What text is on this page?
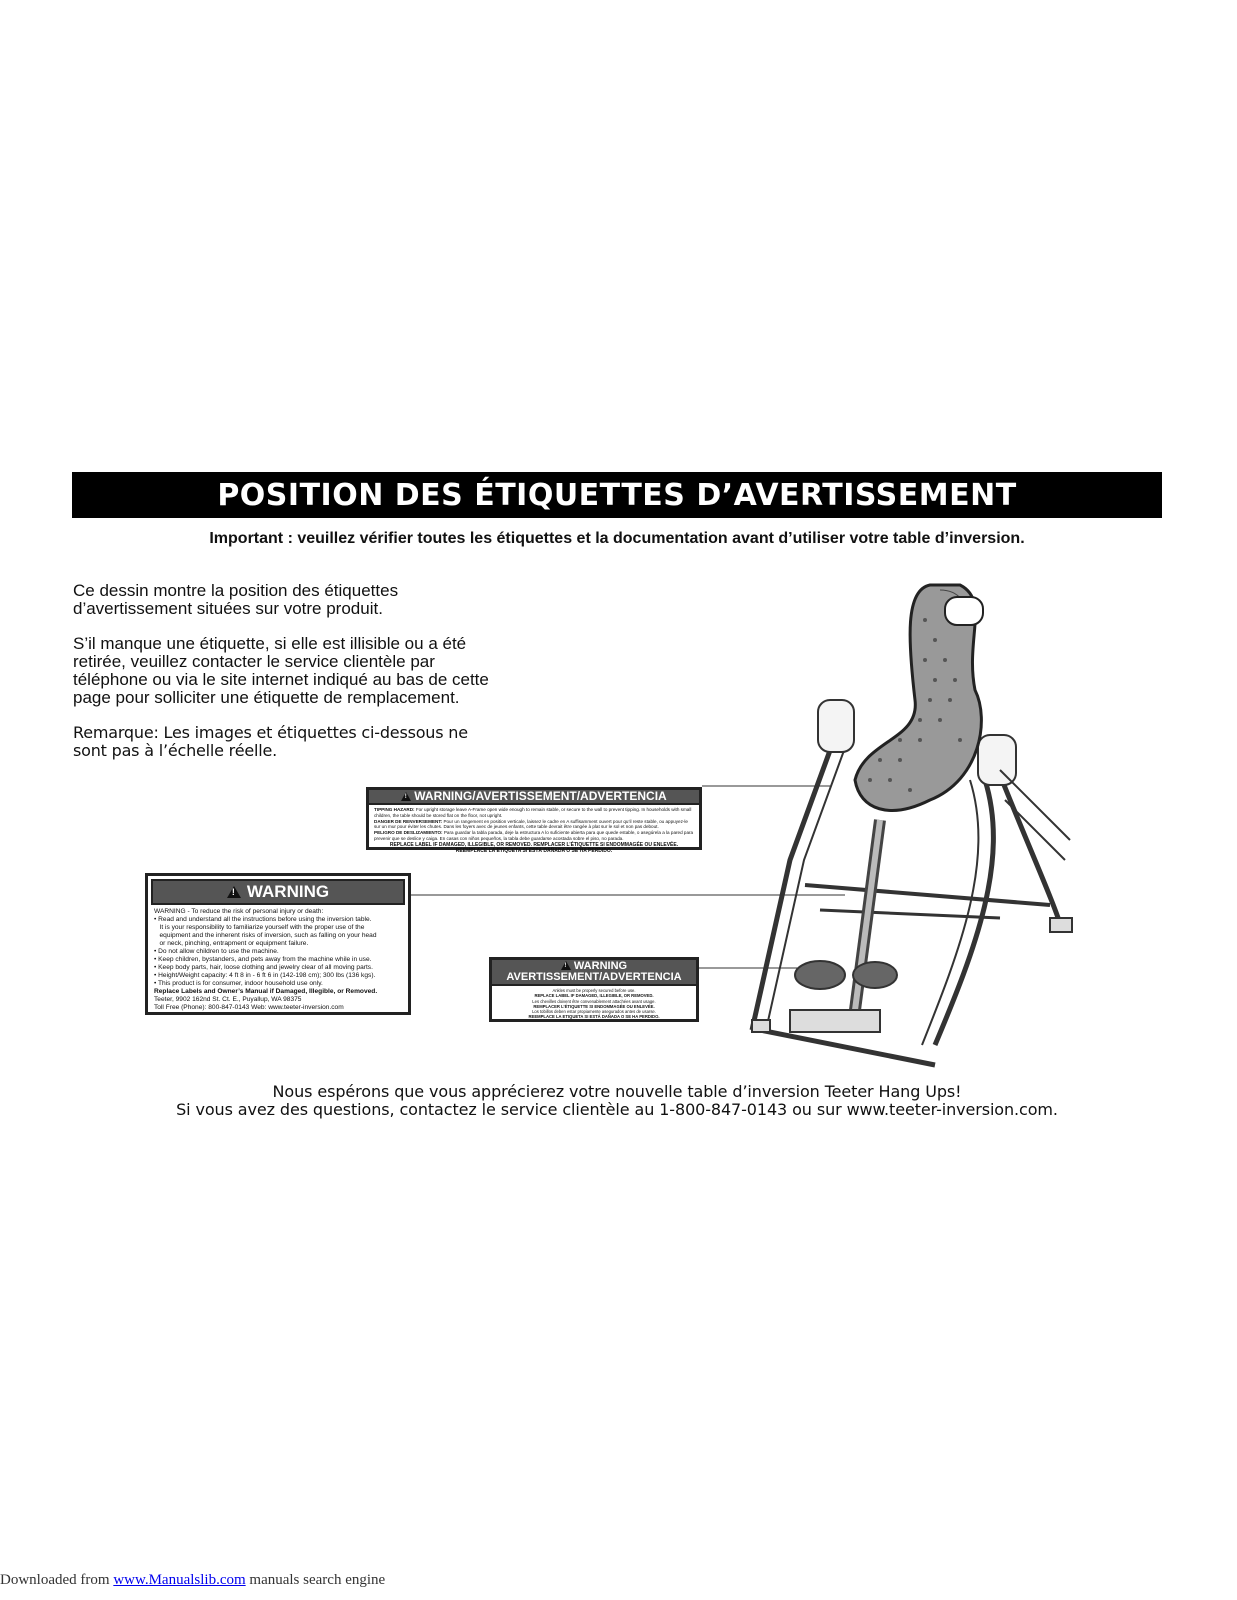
POSITION DES ÉTIQUETTES D’AVERTISSEMENT
Important : veuillez vérifier toutes les étiquettes et la documentation avant d’utiliser votre table d’inversion.

Ce dessin montre la position des étiquettes d’avertissement situées sur votre produit.

S’il manque une étiquette, si elle est illisible ou a été retirée, veuillez contacter le service clientèle par téléphone ou via le site internet indiqué au bas de cette page pour solliciter une étiquette de remplacement.

Remarque: Les images et étiquettes ci-dessous ne sont pas à l’échelle réelle.

!WARNING/AVERTISSEMENT/ADVERTENCIA
TIPPING HAZARD: For upright storage leave A-Frame open wide enough to remain stable, or secure to the wall to prevent tipping. In households with small children, the table should be stored flat on the floor, not upright.
DANGER DE RENVERSEMENT: Pour un rangement en position verticale, laissez le cadre en A suffisamment ouvert pour qu’il reste stable, ou appuyez-le sur un mur pour éviter les chutes. Dans les foyers avec de jeunes enfants, cette table devrait être rangée à plat sur le sol et non pas debout.
PELIGRO DE DESLIZAMIENTO: Para guardar la tabla parada, deje la estructura A lo suficiente abierta para que quede estable, o asegúrela a la pared para prevenir que se deslice y caiga. En casas con niños pequeños, la tabla debe guardarse acostada sobre el piso, no parada.
REPLACE LABEL IF DAMAGED, ILLEGIBLE, OR REMOVED. REMPLACER L’ÉTIQUETTE SI ENDOMMAGÉE OU ENLEVÉE.
REEMPLACE LA ETIQUETA SI ESTÁ DAÑADA O SE HA PERDIDO.
!WARNING
WARNING - To reduce the risk of personal injury or death:
• Read and understand all the instructions before using the inversion table.
It is your responsibility to familiarize yourself with the proper use of the
equipment and the inherent risks of inversion, such as falling on your head
or neck, pinching, entrapment or equipment failure.
• Do not allow children to use the machine.
• Keep children, bystanders, and pets away from the machine while in use.
• Keep body parts, hair, loose clothing and jewelry clear of all moving parts.
• Height/Weight capacity: 4 ft 8 in - 6 ft 6 in (142-198 cm); 300 lbs (136 kgs).
• This product is for consumer, indoor household use only.
Replace Labels and Owner’s Manual if Damaged, Illegible, or Removed.
Teeter, 9902 162nd St. Ct. E., Puyallup, WA 98375
Toll Free (Phone): 800-847-0143 Web: www.teeter-inversion.com
!WARNING
AVERTISSEMENT/ADVERTENCIA
Ankles must be properly secured before use.
REPLACE LABEL IF DAMAGED, ILLEGIBLE, OR REMOVED.
Les chevilles doivent être convenablement attachées avant usage.
REMPLACER L’ÉTIQUETTE SI ENDOMMAGÉE OU ENLEVÉE.
Los tobillos deben estar propiamente asegurados antes de usarse.
REEMPLACE LA ETIQUETA SI ESTÁ DAÑADA O SE HA PERDIDO.
Nous espérons que vous apprécierez votre nouvelle table d’inversion Teeter Hang Ups!
Si vous avez des questions, contactez le service clientèle au 1-800-847-0143 ou sur www.teeter-inversion.com.
Downloaded from www.Manualslib.com manuals search engine
